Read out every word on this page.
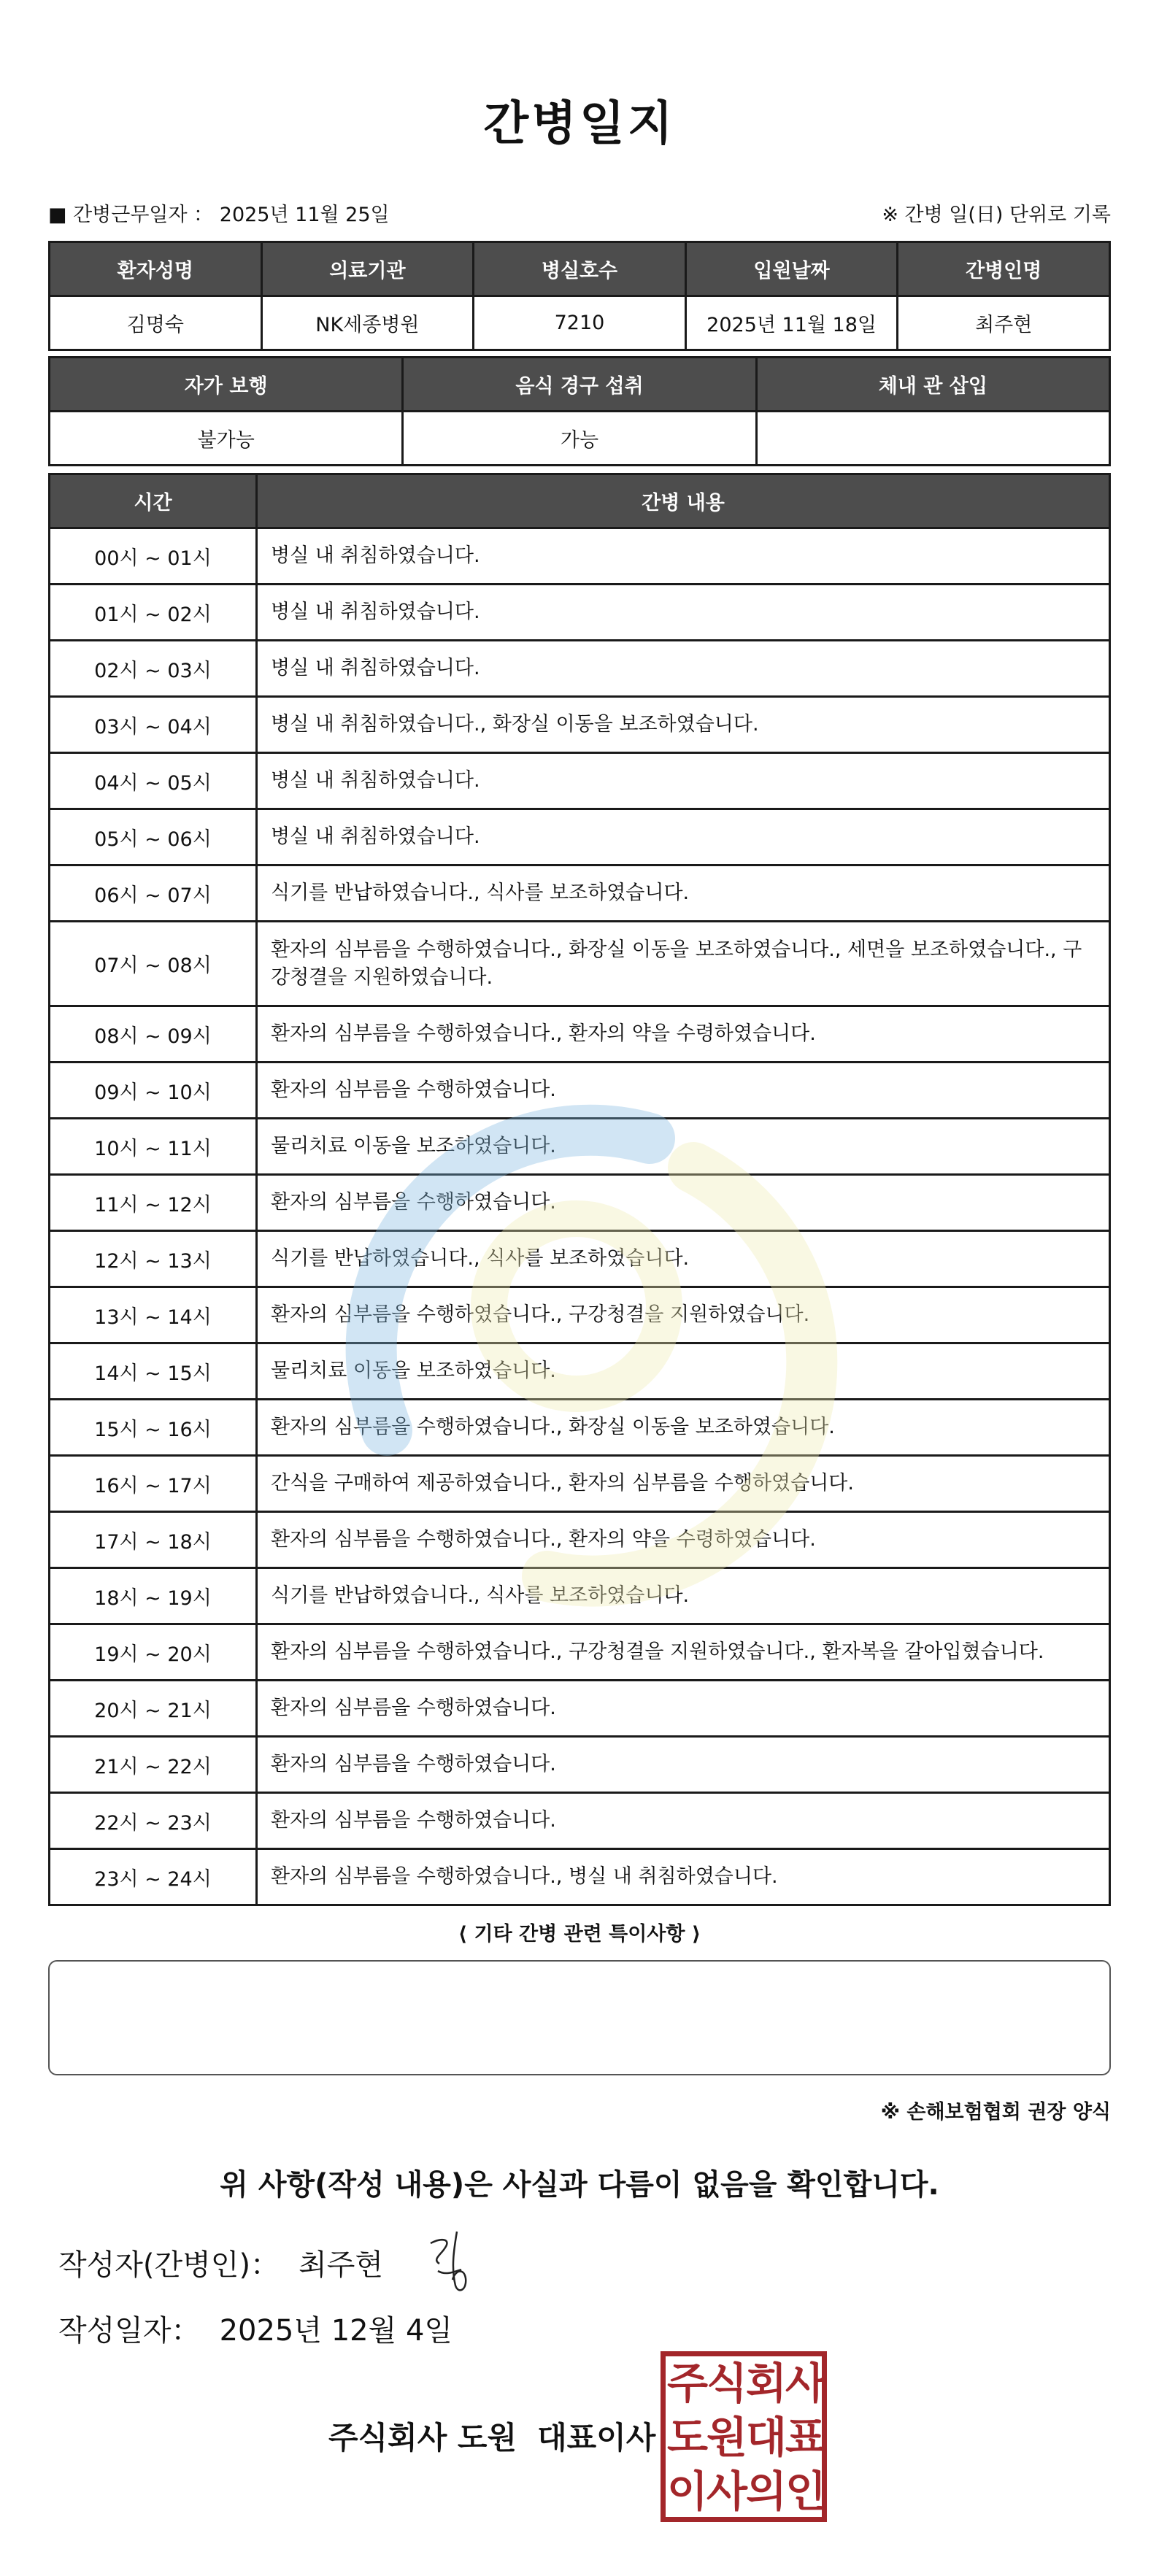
간병일지
■ 간병근무일자 ： 2025년 11월 25일	※ 간병 일(日) 단위로 기록
환자성명	의료기관	병실호수	입원날짜	간병인명
김명숙	NK세종병원	7210	2025년 11월 18일	최주현
자가 보행	음식 경구 섭취	체내 관 삽입
불가능	가능	
시간	간병 내용
00시 ~ 01시	병실 내 취침하였습니다.
01시 ~ 02시	병실 내 취침하였습니다.
02시 ~ 03시	병실 내 취침하였습니다.
03시 ~ 04시	병실 내 취침하였습니다., 화장실 이동을 보조하였습니다.
04시 ~ 05시	병실 내 취침하였습니다.
05시 ~ 06시	병실 내 취침하였습니다.
06시 ~ 07시	식기를 반납하였습니다., 식사를 보조하였습니다.
07시 ~ 08시	환자의 심부름을 수행하였습니다., 화장실 이동을 보조하였습니다., 세면을 보조하였습니다., 구강청결을 지원하였습니다.
08시 ~ 09시	환자의 심부름을 수행하였습니다., 환자의 약을 수령하였습니다.
09시 ~ 10시	환자의 심부름을 수행하였습니다.
10시 ~ 11시	물리치료 이동을 보조하였습니다.
11시 ~ 12시	환자의 심부름을 수행하였습니다.
12시 ~ 13시	식기를 반납하였습니다., 식사를 보조하였습니다.
13시 ~ 14시	환자의 심부름을 수행하였습니다., 구강청결을 지원하였습니다.
14시 ~ 15시	물리치료 이동을 보조하였습니다.
15시 ~ 16시	환자의 심부름을 수행하였습니다., 화장실 이동을 보조하였습니다.
16시 ~ 17시	간식을 구매하여 제공하였습니다., 환자의 심부름을 수행하였습니다.
17시 ~ 18시	환자의 심부름을 수행하였습니다., 환자의 약을 수령하였습니다.
18시 ~ 19시	식기를 반납하였습니다., 식사를 보조하였습니다.
19시 ~ 20시	환자의 심부름을 수행하였습니다., 구강청결을 지원하였습니다., 환자복을 갈아입혔습니다.
20시 ~ 21시	환자의 심부름을 수행하였습니다.
21시 ~ 22시	환자의 심부름을 수행하였습니다.
22시 ~ 23시	환자의 심부름을 수행하였습니다.
23시 ~ 24시	환자의 심부름을 수행하였습니다., 병실 내 취침하였습니다.
⟨ 기타 간병 관련 특이사항 ⟩
※ 손해보험협회 권장 양식
위 사항(작성 내용)은 사실과 다름이 없음을 확인합니다.
작성자(간병인)： 최주현
작성일자： 2025년 12월 4일
주식회사 도원 대표이사
주
식
회
사
도
원
대
표
이
사
의
인
